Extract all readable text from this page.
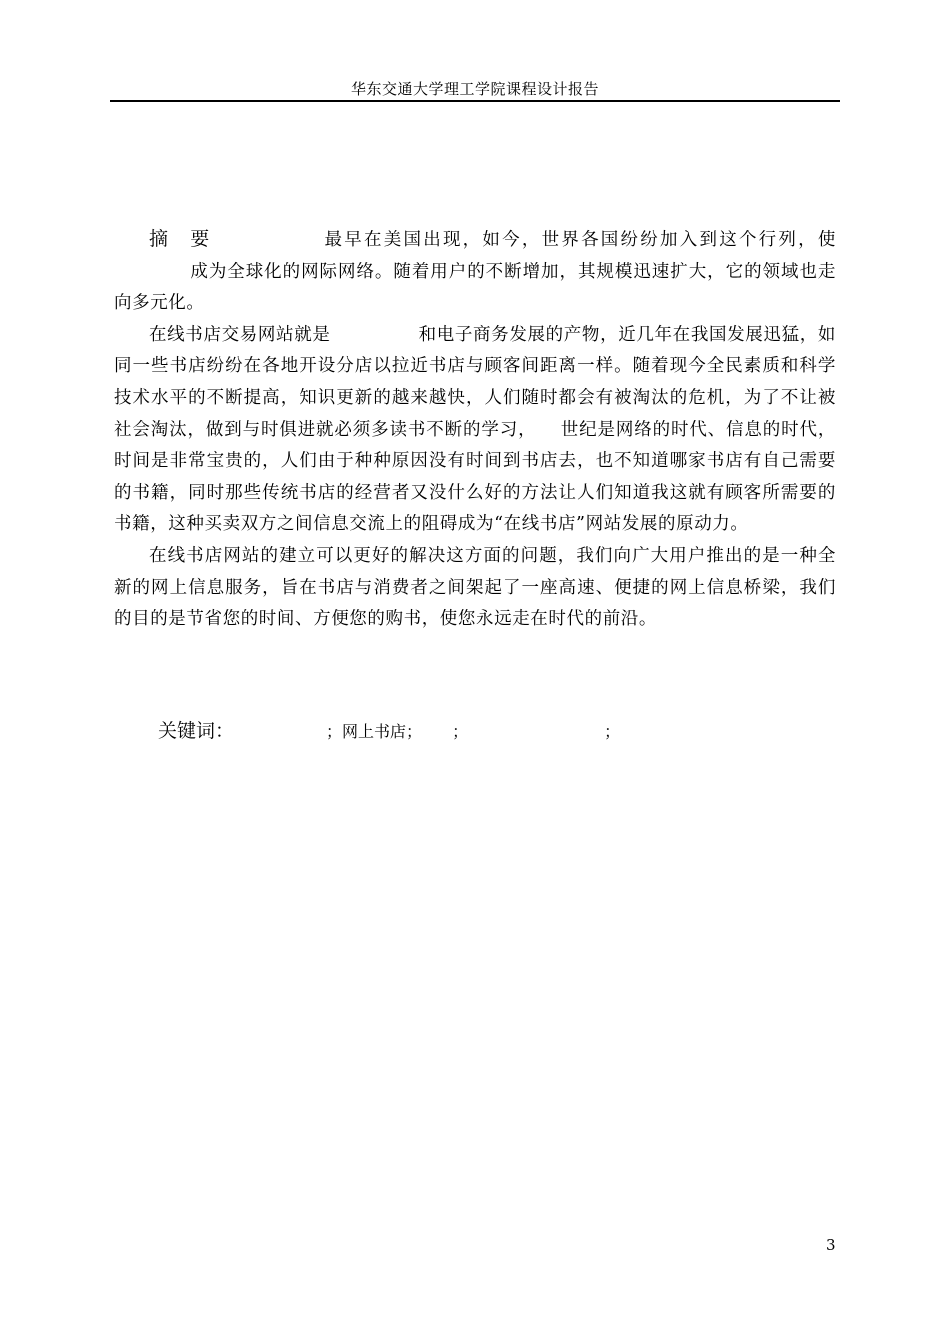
华东交通大学理工学院课程设计报告

摘　要	最早在美国出现，如今，世界各国纷纷加入到这个行列，使成为全球化的网际网络。随着用户的不断增加，其规模迅速扩大，它的领域也走向多元化。

在线书店交易网站就是	和电子商务发展的产物，近几年在我国发展迅猛，如同一些书店纷纷在各地开设分店以拉近书店与顾客间距离一样。随着现今全民素质和科学技术水平的不断提高，知识更新的越来越快，人们随时都会有被淘汰的危机，为了不让被社会淘汰，做到与时俱进就必须多读书不断的学习， 世纪是网络的时代、信息的时代，时间是非常宝贵的，人们由于种种原因没有时间到书店去，也不知道哪家书店有自己需要的书籍，同时那些传统书店的经营者又没什么好的方法让人们知道我这就有顾客所需要的书籍，这种买卖双方之间信息交流上的阻碍成为“在线书店”网站发展的原动力。

在线书店网站的建立可以更好的解决这方面的问题，我们向广大用户推出的是一种全新的网上信息服务，旨在书店与消费者之间架起了一座高速、便捷的网上信息桥梁，我们的目的是节省您的时间、方便您的购书，使您永远走在时代的前沿。

关键词：	；网上书店； ；	；
3
